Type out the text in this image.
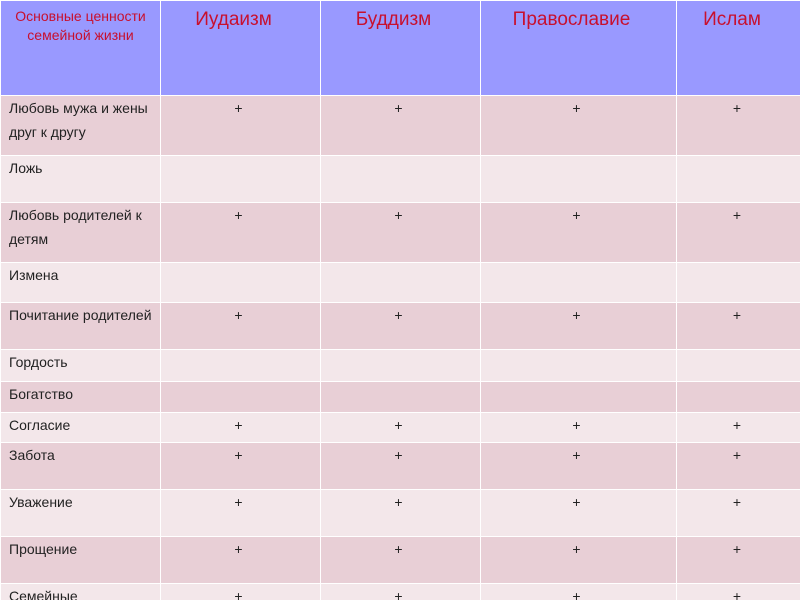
Основные ценности семейной жизни	Иудаизм	Буддизм	Православие	Ислам
Любовь мужа и жены друг к другу	+	+	+	+
Ложь				
Любовь родителей к детям	+	+	+	+
Измена				
Почитание родителей	+	+	+	+
Гордость				
Богатство				
Согласие	+	+	+	+
Забота	+	+	+	+
Уважение	+	+	+	+
Прощение	+	+	+	+
Семейные	+	+	+	+
